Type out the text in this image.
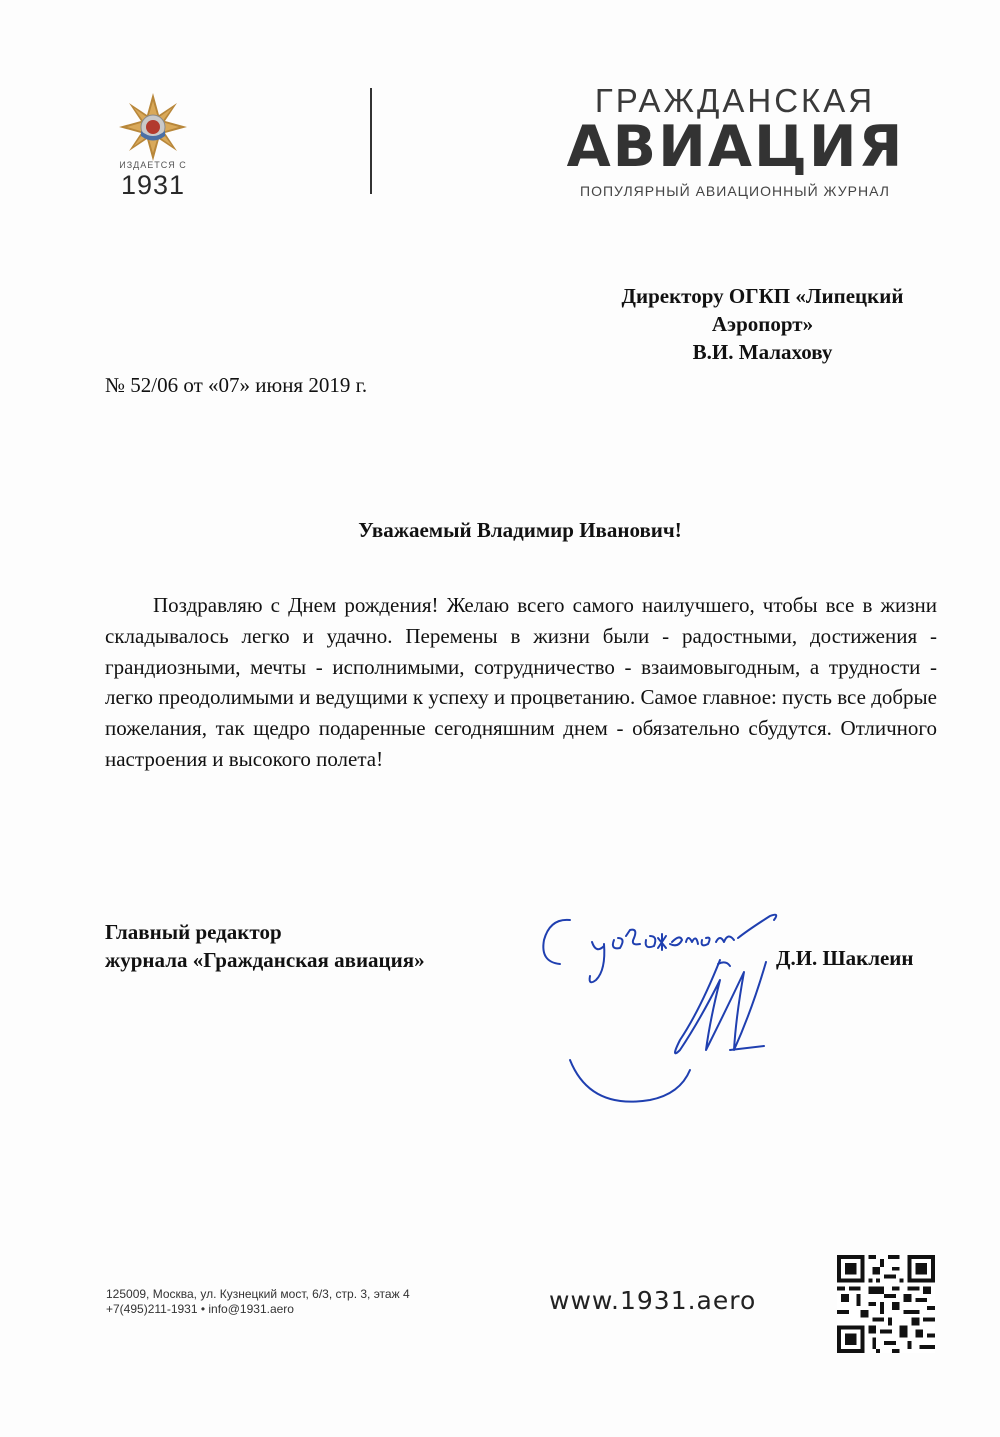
ИЗДАЕТСЯ С
1931
ГРАЖДАНСКАЯ
АВИАЦИЯ
ПОПУЛЯРНЫЙ АВИАЦИОННЫЙ ЖУРНАЛ
Директору ОГКП «Липецкий
Аэропорт»
В.И. Малахову
№ 52/06 от «07» июня 2019 г.
Уважаемый Владимир Иванович!

Поздравляю с Днем рождения! Желаю всего самого наилучшего, чтобы все в жизни складывалось легко и удачно. Перемены в жизни были - радостными, достижения - грандиозными, мечты - исполнимыми, сотрудничество - взаимовыгодным, а трудности - легко преодолимыми и ведущими к успеху и процветанию. Самое главное: пусть все добрые пожелания, так щедро подаренные сегодняшним днем - обязательно сбудутся. Отличного настроения и высокого полета!

Главный редактор
журнала «Гражданская авиация»	Д.И. Шаклеин
125009, Москва, ул. Кузнецкий мост, 6/3, стр. 3, этаж 4
+7(495)211-1931 • info@1931.aero	www.1931.aero
